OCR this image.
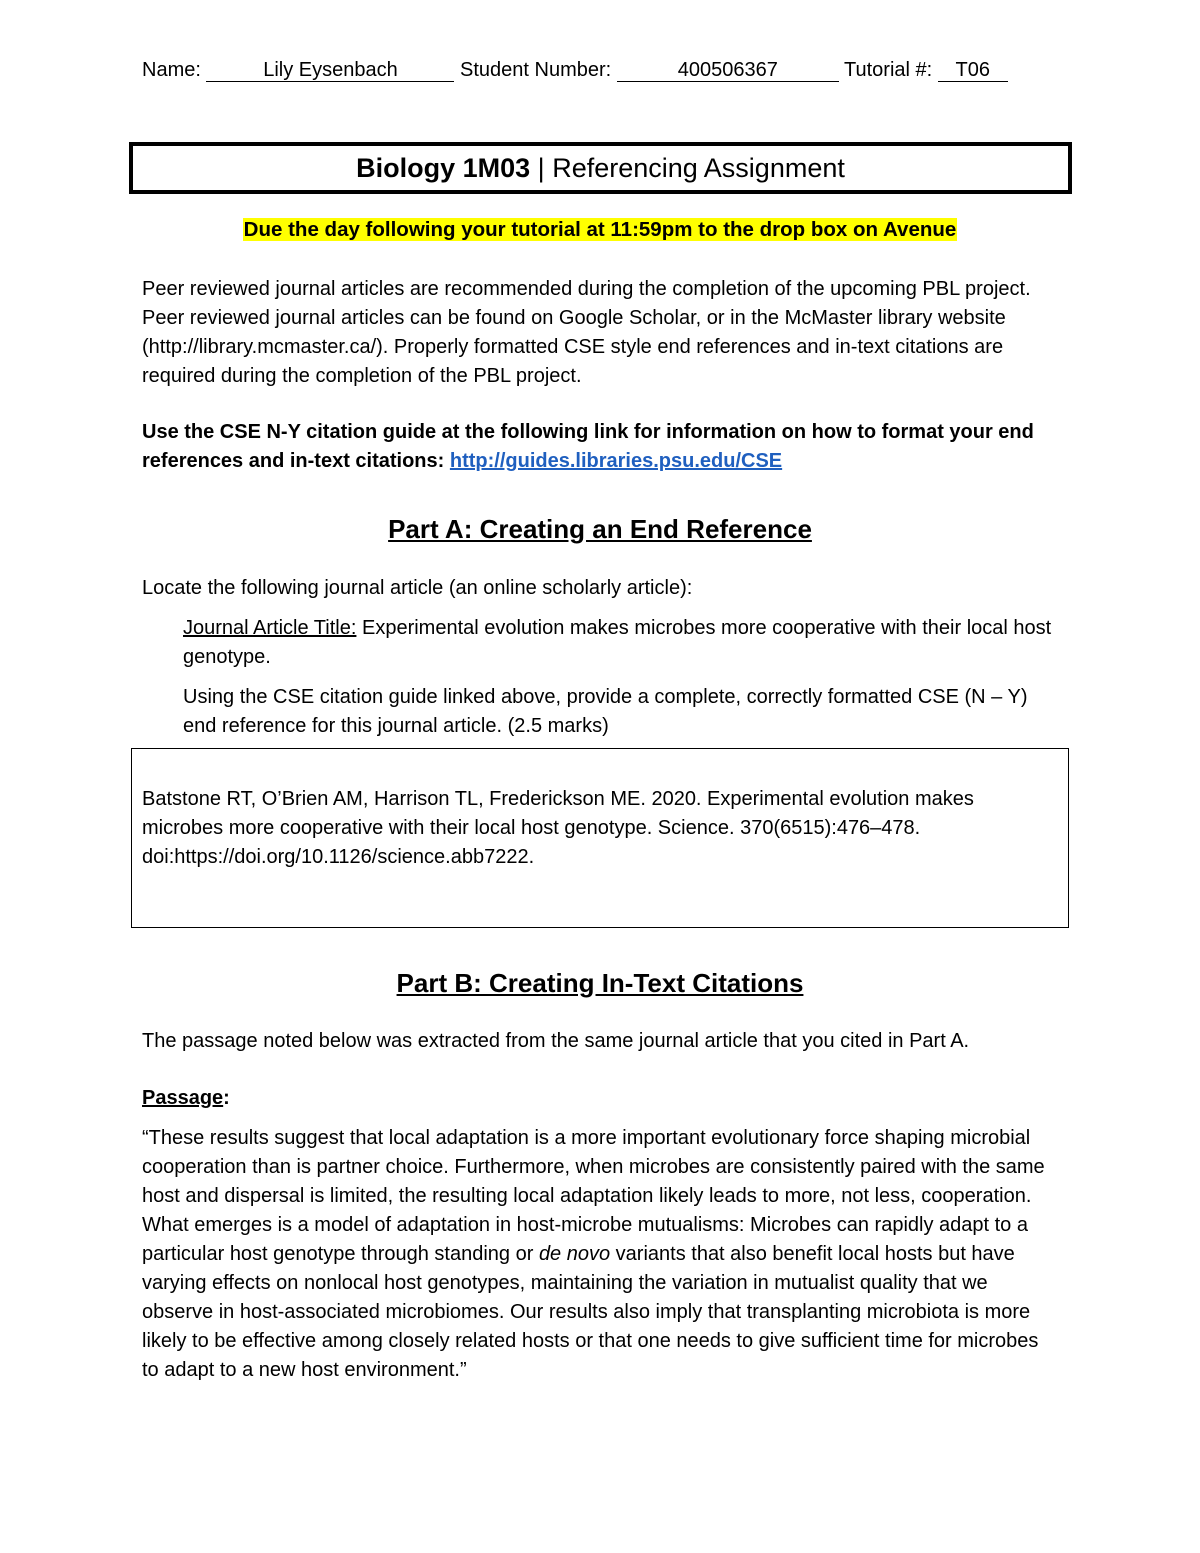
Name:	Lily Eysenbach	Student Number:	400506367	Tutorial #: T06
Biology 1M03 | Referencing Assignment
Due the day following your tutorial at 11:59pm to the drop box on Avenue
Peer reviewed journal articles are recommended during the completion of the upcoming PBL project. Peer reviewed journal articles can be found on Google Scholar, or in the McMaster library website (http://library.mcmaster.ca/). Properly formatted CSE style end references and in-text citations are required during the completion of the PBL project.
Use the CSE N-Y citation guide at the following link for information on how to format your end references and in-text citations: http://guides.libraries.psu.edu/CSE
Part A: Creating an End Reference
Locate the following journal article (an online scholarly article):
Journal Article Title: Experimental evolution makes microbes more cooperative with their local host genotype.
Using the CSE citation guide linked above, provide a complete, correctly formatted CSE (N – Y) end reference for this journal article. (2.5 marks)
Batstone RT, O’Brien AM, Harrison TL, Frederickson ME. 2020. Experimental evolution makes microbes more cooperative with their local host genotype. Science. 370(6515):476–478. doi:https://doi.org/10.1126/science.abb7222.
Part B: Creating In-Text Citations
The passage noted below was extracted from the same journal article that you cited in Part A.
Passage:
“These results suggest that local adaptation is a more important evolutionary force shaping microbial cooperation than is partner choice. Furthermore, when microbes are consistently paired with the same host and dispersal is limited, the resulting local adaptation likely leads to more, not less, cooperation. What emerges is a model of adaptation in host-microbe mutualisms: Microbes can rapidly adapt to a particular host genotype through standing or de novo variants that also benefit local hosts but have varying effects on nonlocal host genotypes, maintaining the variation in mutualist quality that we observe in host-associated microbiomes. Our results also imply that transplanting microbiota is more likely to be effective among closely related hosts or that one needs to give sufficient time for microbes to adapt to a new host environment.”
